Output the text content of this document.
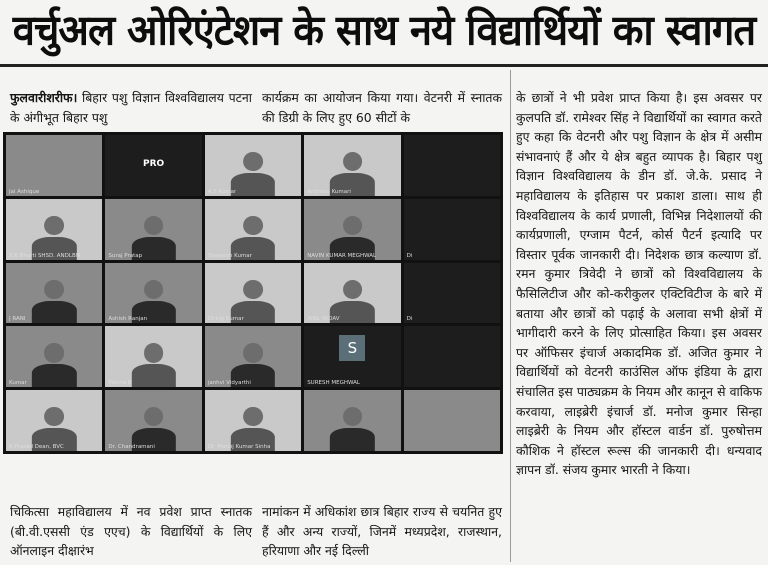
वर्चुअल ओरिएंटेशन के साथ नये विद्यार्थियों का स्वागत
फुलवारीशरीफ। बिहार पशु विज्ञान विश्वविद्यालय पटना के अंगीभूत बिहार पशु
कार्यक्रम का आयोजन किया गया। वेटनरी में स्नातक की डिग्री के लिए हुए 60 सीटों के
Jal Ashique
PRO
A.S Kumar	Archana Kumari
S.K Bharti SHSD. ANDLBM	Suraj Pratap	Shawesh Kumar	NAVIN KUMAR MEGHWAL	Di
J RANI	Ashish Ranjan	Dhiraj Kumar	ANIL YADAV	Di
Kumar	Prerna B	janhvi Vidyarthi
S
SURESH MEGHWAL
K Prasad Dean, BVC	Dr. Chandramani	Dr. Manoj Kumar Sinha
चिकित्सा महाविद्यालय में नव प्रवेश प्राप्त स्नातक (बी.वी.एससी एंड एएच) के विद्यार्थियों के लिए ऑनलाइन दीक्षारंभ
नामांकन में अधिकांश छात्र बिहार राज्य से चयनित हुए हैं और अन्य राज्यों, जिनमें मध्यप्रदेश, राजस्थान, हरियाणा और नई दिल्ली
के छात्रों ने भी प्रवेश प्राप्त किया है। इस अवसर पर कुलपति डॉ. रामेश्वर सिंह ने विद्यार्थियों का स्वागत करते हुए कहा कि वेटनरी और पशु विज्ञान के क्षेत्र में असीम संभावनाएं हैं और ये क्षेत्र बहुत व्यापक है। बिहार पशु विज्ञान विश्वविद्यालय के डीन डॉ. जे.के. प्रसाद ने महाविद्यालय के इतिहास पर प्रकाश डाला। साथ ही विश्वविद्यालय के कार्य प्रणाली, विभिन्न निदेशालयों की कार्यप्रणाली, एग्जाम पैटर्न, कोर्स पैटर्न इत्यादि पर विस्तार पूर्वक जानकारी दी। निदेशक छात्र कल्याण डॉ. रमन कुमार त्रिवेदी ने छात्रों को विश्वविद्यालय के फैसिलिटीज और को-करीकुलर एक्टिविटीज के बारे में बताया और छात्रों को पढ़ाई के अलावा सभी क्षेत्रों में भागीदारी करने के लिए प्रोत्साहित किया। इस अवसर पर ऑफिसर इंचार्ज अकादमिक डॉ. अजित कुमार ने विद्यार्थियों को वेटनरी काउंसिल ऑफ इंडिया के द्वारा संचालित इस पाठ्यक्रम के नियम और कानून से वाकिफ करवाया, लाइब्रेरी इंचार्ज डॉ. मनोज कुमार सिन्हा लाइब्रेरी के नियम और हॉस्टल वार्डन डॉ. पुरुषोत्तम कौशिक ने हॉस्टल रूल्स की जानकारी दी। धन्यवाद ज्ञापन डॉ. संजय कुमार भारती ने किया।
